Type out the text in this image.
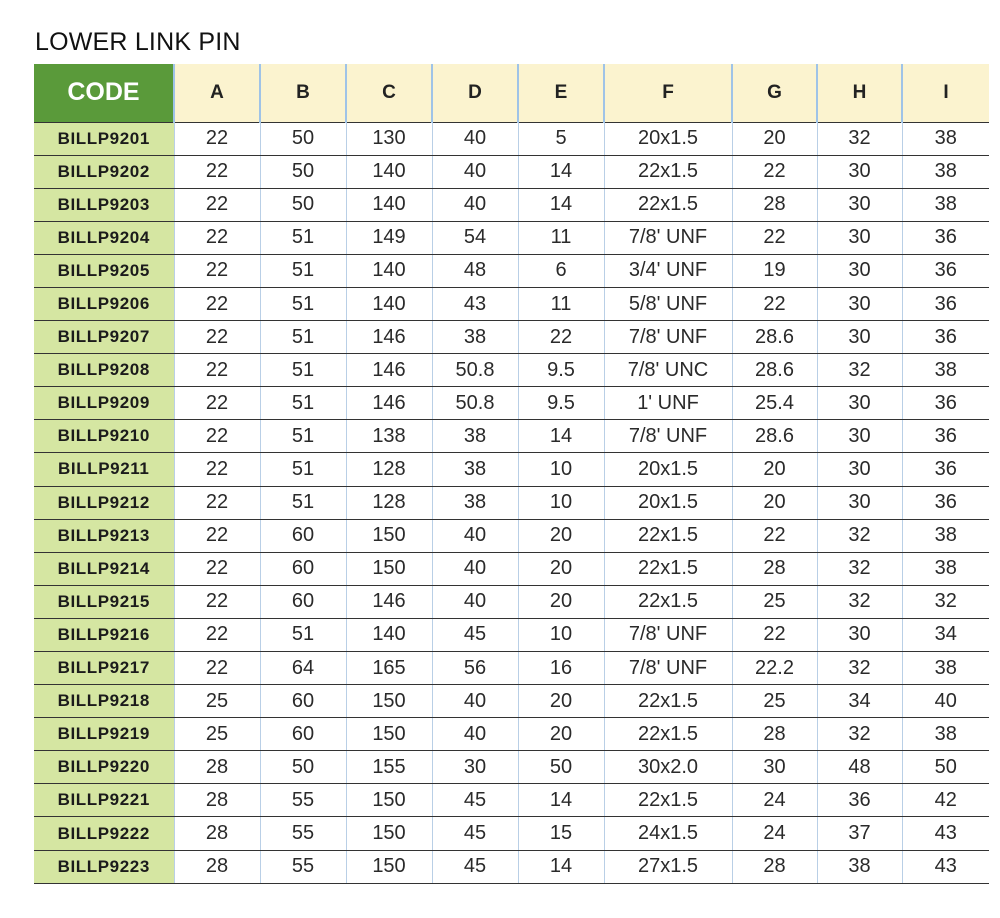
LOWER LINK PIN
CODE	A	B	C	D	E	F	G	H	I
BILLP9201	22	50	130	40	5	20x1.5	20	32	38
BILLP9202	22	50	140	40	14	22x1.5	22	30	38
BILLP9203	22	50	140	40	14	22x1.5	28	30	38
BILLP9204	22	51	149	54	11	7/8' UNF	22	30	36
BILLP9205	22	51	140	48	6	3/4' UNF	19	30	36
BILLP9206	22	51	140	43	11	5/8' UNF	22	30	36
BILLP9207	22	51	146	38	22	7/8' UNF	28.6	30	36
BILLP9208	22	51	146	50.8	9.5	7/8' UNC	28.6	32	38
BILLP9209	22	51	146	50.8	9.5	1' UNF	25.4	30	36
BILLP9210	22	51	138	38	14	7/8' UNF	28.6	30	36
BILLP9211	22	51	128	38	10	20x1.5	20	30	36
BILLP9212	22	51	128	38	10	20x1.5	20	30	36
BILLP9213	22	60	150	40	20	22x1.5	22	32	38
BILLP9214	22	60	150	40	20	22x1.5	28	32	38
BILLP9215	22	60	146	40	20	22x1.5	25	32	32
BILLP9216	22	51	140	45	10	7/8' UNF	22	30	34
BILLP9217	22	64	165	56	16	7/8' UNF	22.2	32	38
BILLP9218	25	60	150	40	20	22x1.5	25	34	40
BILLP9219	25	60	150	40	20	22x1.5	28	32	38
BILLP9220	28	50	155	30	50	30x2.0	30	48	50
BILLP9221	28	55	150	45	14	22x1.5	24	36	42
BILLP9222	28	55	150	45	15	24x1.5	24	37	43
BILLP9223	28	55	150	45	14	27x1.5	28	38	43
